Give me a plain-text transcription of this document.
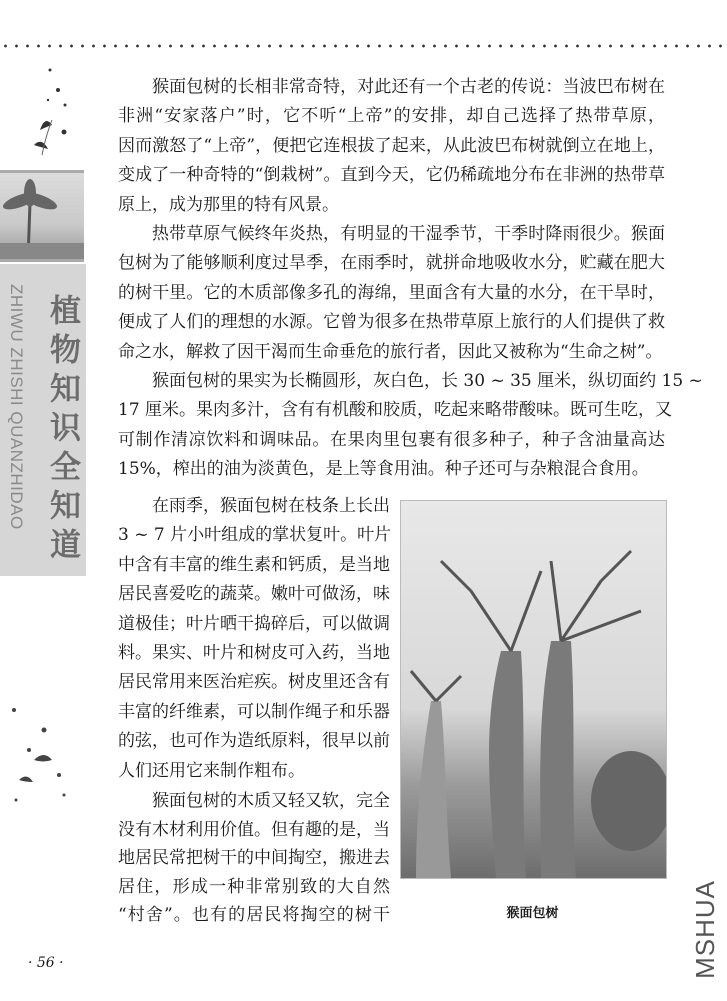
ZHIWU ZHISHI QUANZHIDAO 植物知识全知道
猴面包树的长相非常奇特，对此还有一个古老的传说：当波巴布树在
非洲“安家落户”时，它不听“上帝”的安排，却自己选择了热带草原，
因而激怒了“上帝”，便把它连根拔了起来，从此波巴布树就倒立在地上，
变成了一种奇特的“倒栽树”。直到今天，它仍稀疏地分布在非洲的热带草
原上，成为那里的特有风景。
热带草原气候终年炎热，有明显的干湿季节，干季时降雨很少。猴面
包树为了能够顺利度过旱季，在雨季时，就拼命地吸收水分，贮藏在肥大
的树干里。它的木质部像多孔的海绵，里面含有大量的水分，在干旱时，
便成了人们的理想的水源。它曾为很多在热带草原上旅行的人们提供了救
命之水，解救了因干渴而生命垂危的旅行者，因此又被称为“生命之树”。
猴面包树的果实为长椭圆形，灰白色，长 30 ~ 35 厘米，纵切面约 15 ~
17 厘米。果肉多汁，含有有机酸和胶质，吃起来略带酸味。既可生吃，又
可制作清凉饮料和调味品。在果肉里包裹有很多种子，种子含油量高达
15%，榨出的油为淡黄色，是上等食用油。种子还可与杂粮混合食用。
在雨季，猴面包树在枝条上长出
3 ~ 7 片小叶组成的掌状复叶。叶片
中含有丰富的维生素和钙质，是当地
居民喜爱吃的蔬菜。嫩叶可做汤，味
道极佳；叶片晒干捣碎后，可以做调
料。果实、叶片和树皮可入药，当地
居民常用来医治疟疾。树皮里还含有
丰富的纤维素，可以制作绳子和乐器
的弦，也可作为造纸原料，很早以前
人们还用它来制作粗布。
猴面包树的木质又轻又软，完全
没有木材利用价值。但有趣的是，当
地居民常把树干的中间掏空，搬进去
居住，形成一种非常别致的大自然
“村舍”。也有的居民将掏空的树干	猴面包树
· 56 ·	MSHUA
